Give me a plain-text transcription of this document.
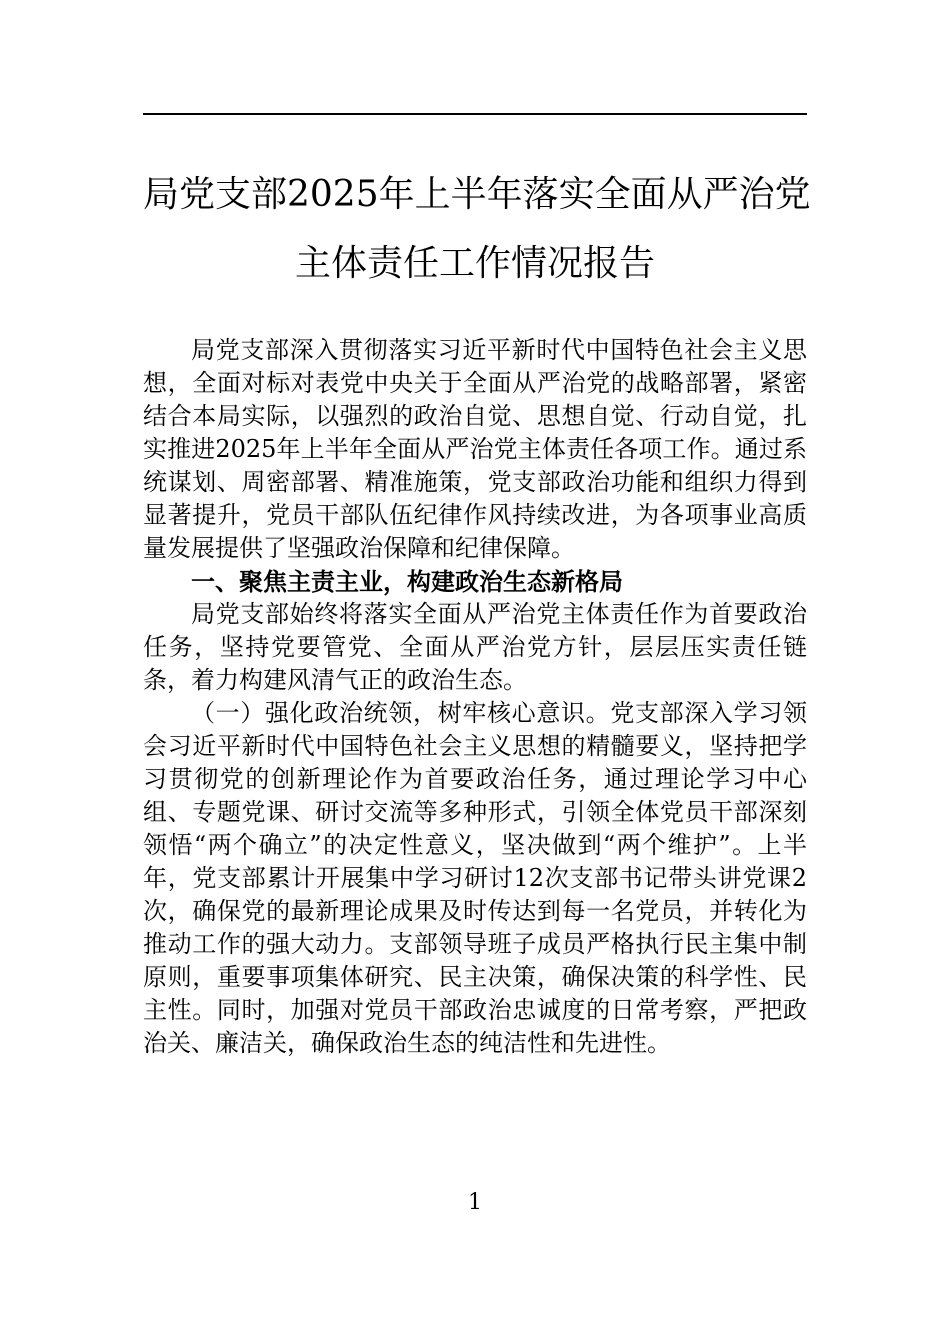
局党支部2025年上半年落实全面从严治党
主体责任工作情况报告

局党支部深入贯彻落实习近平新时代中国特色社会主义思想，全面对标对表党中央关于全面从严治党的战略部署，紧密结合本局实际，以强烈的政治自觉、思想自觉、行动自觉，扎实推进2025年上半年全面从严治党主体责任各项工作。通过系统谋划、周密部署、精准施策，党支部政治功能和组织力得到显著提升，党员干部队伍纪律作风持续改进，为各项事业高质量发展提供了坚强政治保障和纪律保障。

一、聚焦主责主业，构建政治生态新格局

局党支部始终将落实全面从严治党主体责任作为首要政治任务，坚持党要管党、全面从严治党方针，层层压实责任链条，着力构建风清气正的政治生态。

（一）强化政治统领，树牢核心意识。党支部深入学习领会习近平新时代中国特色社会主义思想的精髓要义，坚持把学习贯彻党的创新理论作为首要政治任务，通过理论学习中心组、专题党课、研讨交流等多种形式，引领全体党员干部深刻领悟“两个确立”的决定性意义，坚决做到“两个维护”。上半年，党支部累计开展集中学习研讨12次支部书记带头讲党课2次，确保党的最新理论成果及时传达到每一名党员，并转化为推动工作的强大动力。支部领导班子成员严格执行民主集中制原则，重要事项集体研究、民主决策，确保决策的科学性、民主性。同时，加强对党员干部政治忠诚度的日常考察，严把政治关、廉洁关，确保政治生态的纯洁性和先进性。

1
